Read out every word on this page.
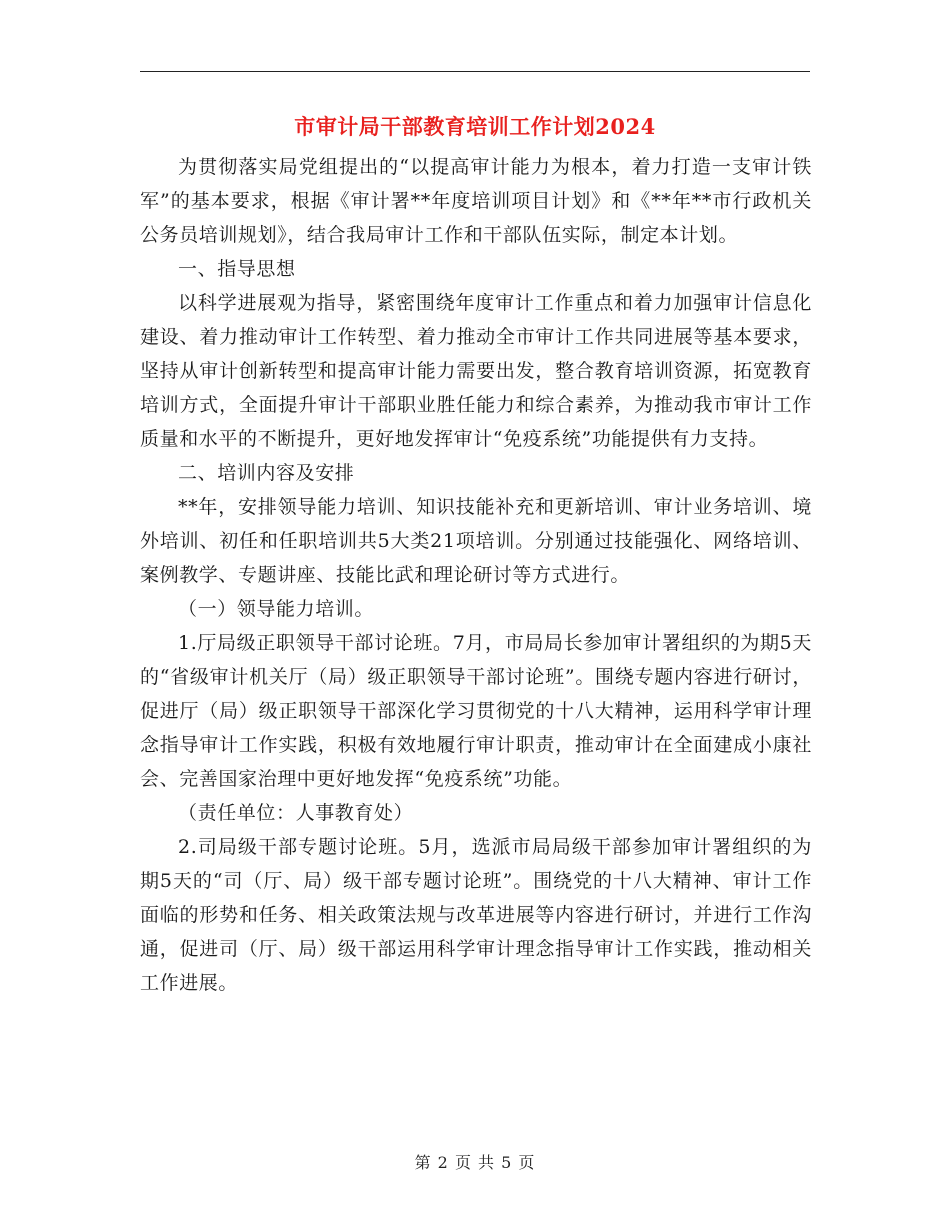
市审计局干部教育培训工作计划2024

为贯彻落实局党组提出的“以提高审计能力为根本，着力打造一支审计铁军”的基本要求，根据《审计署**年度培训项目计划》和《**年**市行政机关公务员培训规划》，结合我局审计工作和干部队伍实际，制定本计划。

一、指导思想

以科学进展观为指导，紧密围绕年度审计工作重点和着力加强审计信息化建设、着力推动审计工作转型、着力推动全市审计工作共同进展等基本要求，坚持从审计创新转型和提高审计能力需要出发，整合教育培训资源，拓宽教育培训方式，全面提升审计干部职业胜任能力和综合素养，为推动我市审计工作质量和水平的不断提升，更好地发挥审计“免疫系统”功能提供有力支持。

二、培训内容及安排

**年，安排领导能力培训、知识技能补充和更新培训、审计业务培训、境外培训、初任和任职培训共5大类21项培训。分别通过技能强化、网络培训、案例教学、专题讲座、技能比武和理论研讨等方式进行。

（一）领导能力培训。

1.厅局级正职领导干部讨论班。7月，市局局长参加审计署组织的为期5天的“省级审计机关厅（局）级正职领导干部讨论班”。围绕专题内容进行研讨，促进厅（局）级正职领导干部深化学习贯彻党的十八大精神，运用科学审计理念指导审计工作实践，积极有效地履行审计职责，推动审计在全面建成小康社会、完善国家治理中更好地发挥“免疫系统”功能。

（责任单位：人事教育处）

2.司局级干部专题讨论班。5月，选派市局局级干部参加审计署组织的为期5天的“司（厅、局）级干部专题讨论班”。围绕党的十八大精神、审计工作面临的形势和任务、相关政策法规与改革进展等内容进行研讨，并进行工作沟通，促进司（厅、局）级干部运用科学审计理念指导审计工作实践，推动相关工作进展。

第 2 页 共 5 页
